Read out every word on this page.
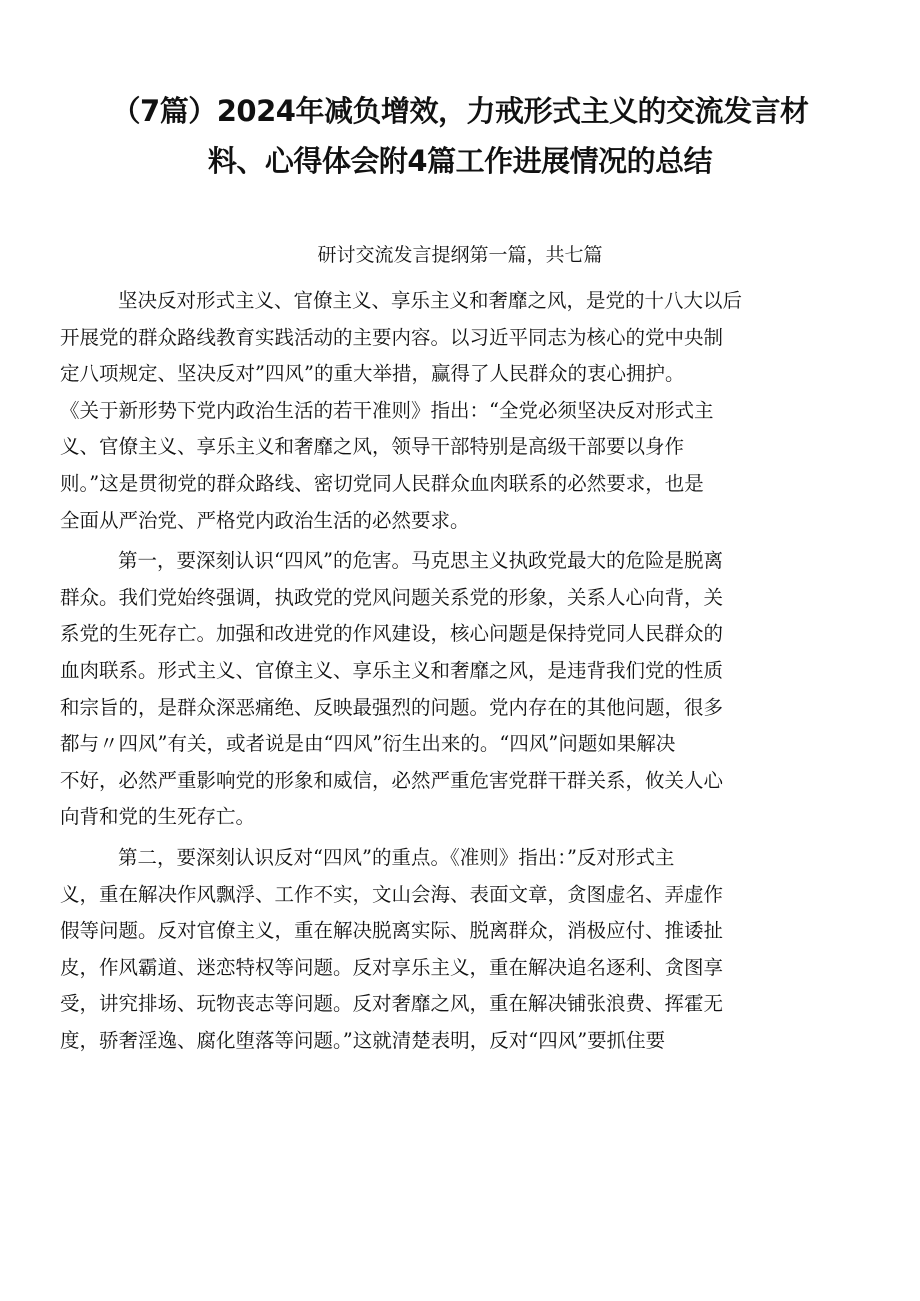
（7篇）2024年减负增效，力戒形式主义的交流发言材
料、心得体会附4篇工作进展情况的总结

研讨交流发言提纲第一篇，共七篇

坚决反对形式主义、官僚主义、享乐主义和奢靡之风，是党的十八大以后
开展党的群众路线教育实践活动的主要内容。以习近平同志为核心的党中央制
定八项规定、坚决反对”四风”的重大举措，赢得了人民群众的衷心拥护。
《关于新形势下党内政治生活的若干准则》指出：“全党必须坚决反对形式主
义、官僚主义、享乐主义和奢靡之风，领导干部特别是高级干部要以身作
则。”这是贯彻党的群众路线、密切党同人民群众血肉联系的必然要求，也是
全面从严治党、严格党内政治生活的必然要求。
第一，要深刻认识“四风”的危害。马克思主义执政党最大的危险是脱离
群众。我们党始终强调，执政党的党风问题关系党的形象，关系人心向背，关
系党的生死存亡。加强和改进党的作风建设，核心问题是保持党同人民群众的
血肉联系。形式主义、官僚主义、享乐主义和奢靡之风，是违背我们党的性质
和宗旨的，是群众深恶痛绝、反映最强烈的问题。党内存在的其他问题，很多
都与〃四风”有关，或者说是由“四风”衍生出来的。“四风”问题如果解决
不好，必然严重影响党的形象和威信，必然严重危害党群干群关系，攸关人心
向背和党的生死存亡。
第二，要深刻认识反对“四风”的重点。《准则》指出：”反对形式主
义，重在解决作风飘浮、工作不实，文山会海、表面文章，贪图虚名、弄虚作
假等问题。反对官僚主义，重在解决脱离实际、脱离群众，消极应付、推诿扯
皮，作风霸道、迷恋特权等问题。反对享乐主义，重在解决追名逐利、贪图享
受，讲究排场、玩物丧志等问题。反对奢靡之风，重在解决铺张浪费、挥霍无
度，骄奢淫逸、腐化堕落等问题。”这就清楚表明，反对“四风”要抓住要
